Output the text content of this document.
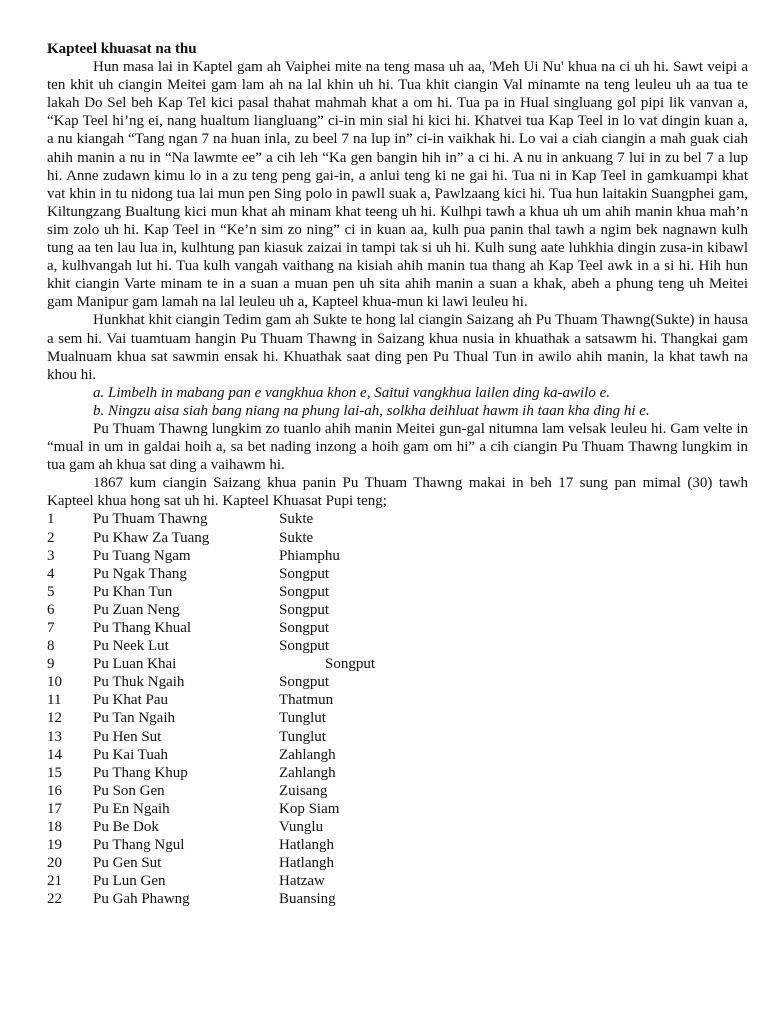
Kapteel khuasat na thu

Hun masa lai in Kaptel gam ah Vaiphei mite na teng masa uh aa, 'Meh Ui Nu' khua na ci uh hi. Sawt veipi a ten khit uh ciangin Meitei gam lam ah na lal khin uh hi. Tua khit ciangin Val minamte na teng leuleu uh aa tua te lakah Do Sel beh Kap Tel kici pasal thahat mahmah khat a om hi. Tua pa in Hual singluang gol pipi lik vanvan a, “Kap Teel hi’ng ei, nang hualtum liangluang” ci-in min sial hi kici hi. Khatvei tua Kap Teel in lo vat dingin kuan a, a nu kiangah “Tang ngan 7 na huan inla, zu beel 7 na lup in” ci-in vaikhak hi. Lo vai a ciah ciangin a mah guak ciah ahih manin a nu in “Na lawmte ee” a cih leh “Ka gen bangin hih in” a ci hi. A nu in ankuang 7 lui in zu bel 7 a lup hi. Anne zudawn kimu lo in a zu teng peng gai-in, a anlui teng ki ne gai hi. Tua ni in Kap Teel in gamkuampi khat vat khin in tu nidong tua lai mun pen Sing polo in pawll suak a, Pawlzaang kici hi. Tua hun laitakin Suangphei gam, Kiltungzang Bualtung kici mun khat ah minam khat teeng uh hi. Kulhpi tawh a khua uh um ahih manin khua mah’n sim zolo uh hi. Kap Teel in “Ke’n sim zo ning” ci in kuan aa, kulh pua panin thal tawh a ngim bek nagnawn kulh tung aa ten lau lua in, kulhtung pan kiasuk zaizai in tampi tak si uh hi. Kulh sung aate luhkhia dingin zusa-in kibawl a, kulhvangah lut hi. Tua kulh vangah vaithang na kisiah ahih manin tua thang ah Kap Teel awk in a si hi. Hih hun khit ciangin Varte minam te in a suan a muan pen uh sita ahih manin a suan a khak, abeh a phung teng uh Meitei gam Manipur gam lamah na lal leuleu uh a, Kapteel khua-mun ki lawi leuleu hi.

Hunkhat khit ciangin Tedim gam ah Sukte te hong lal ciangin Saizang ah Pu Thuam Thawng(Sukte) in hausa a sem hi. Vai tuamtuam hangin Pu Thuam Thawng in Saizang khua nusia in khuathak a satsawm hi. Thangkai gam Mualnuam khua sat sawmin ensak hi. Khuathak saat ding pen Pu Thual Tun in awilo ahih manin, la khat tawh na khou hi.

a. Limbelh in mabang pan e vangkhua khon e, Saitui vangkhua lailen ding ka-awilo e.
b. Ningzu aisa siah bang niang na phung lai-ah, solkha deihluat hawm ih taan kha ding hi e.

Pu Thuam Thawng lungkim zo tuanlo ahih manin Meitei gun-gal nitumna lam velsak leuleu hi. Gam velte in “mual in um in galdai hoih a, sa bet nading inzong a hoih gam om hi” a cih ciangin Pu Thuam Thawng lungkim in tua gam ah khua sat ding a vaihawm hi.

1867 kum ciangin Saizang khua panin Pu Thuam Thawng makai in beh 17 sung pan mimal (30) tawh Kapteel khua hong sat uh hi. Kapteel Khuasat Pupi teng;

1	Pu Thuam Thawng	Sukte
2	Pu Khaw Za Tuang	Sukte
3	Pu Tuang Ngam	Phiamphu
4	Pu Ngak Thang	Songput
5	Pu Khan Tun	Songput
6	Pu Zuan Neng	Songput
7	Pu Thang Khual	Songput
8	Pu Neek Lut	Songput
9	Pu Luan Khai	Songput
10	Pu Thuk Ngaih	Songput
11	Pu Khat Pau	Thatmun
12	Pu Tan Ngaih	Tunglut
13	Pu Hen Sut	Tunglut
14	Pu Kai Tuah	Zahlangh
15	Pu Thang Khup	Zahlangh
16	Pu Son Gen	Zuisang
17	Pu En Ngaih	Kop Siam
18	Pu Be Dok	Vunglu
19	Pu Thang Ngul	Hatlangh
20	Pu Gen Sut	Hatlangh
21	Pu Lun Gen	Hatzaw
22	Pu Gah Phawng	Buansing
